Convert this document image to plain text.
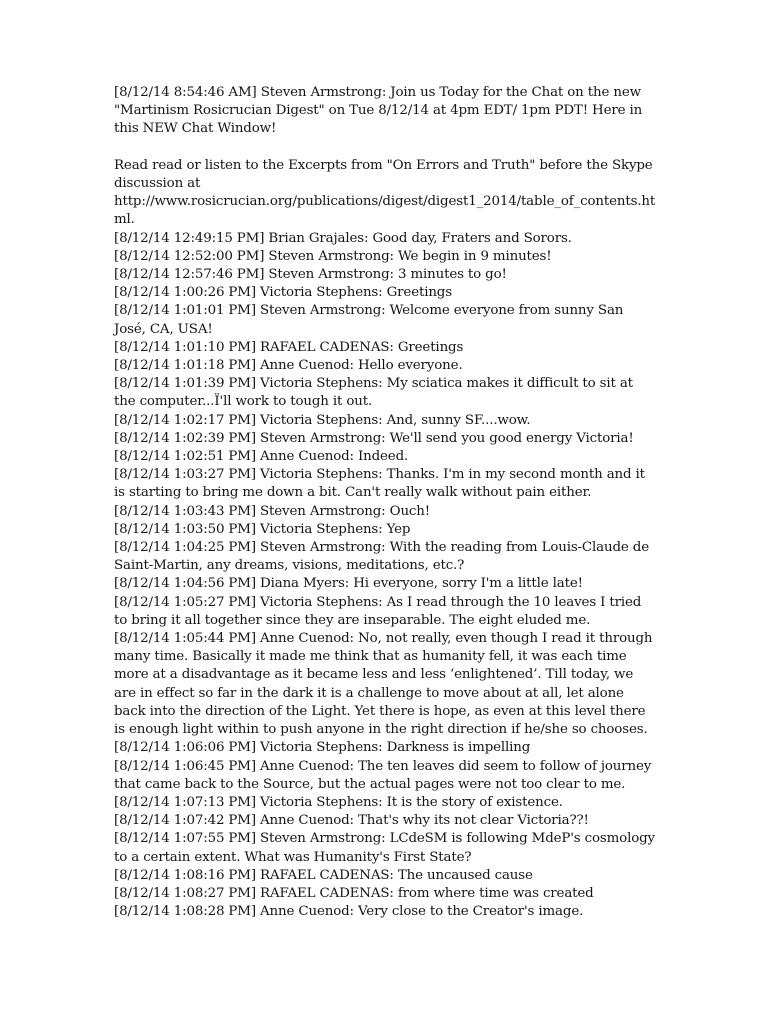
[8/12/14 8:54:46 AM] Steven Armstrong: Join us Today for the Chat on the new "Martinism Rosicrucian Digest" on Tue 8/12/14 at 4pm EDT/ 1pm PDT! Here in this NEW Chat Window!

Read read or listen to the Excerpts from "On Errors and Truth" before the Skype discussion at

http://www.rosicrucian.org/publications/digest/digest1_2014/table_of_contents.html.

[8/12/14 12:49:15 PM] Brian Grajales: Good day, Fraters and Sorors.

[8/12/14 12:52:00 PM] Steven Armstrong: We begin in 9 minutes!

[8/12/14 12:57:46 PM] Steven Armstrong: 3 minutes to go!

[8/12/14 1:00:26 PM] Victoria Stephens: Greetings

[8/12/14 1:01:01 PM] Steven Armstrong: Welcome everyone from sunny San José, CA, USA!

[8/12/14 1:01:10 PM] RAFAEL CADENAS: Greetings

[8/12/14 1:01:18 PM] Anne Cuenod: Hello everyone.

[8/12/14 1:01:39 PM] Victoria Stephens: My sciatica makes it difficult to sit at the computer...Ï'll work to tough it out.

[8/12/14 1:02:17 PM] Victoria Stephens: And, sunny SF....wow.

[8/12/14 1:02:39 PM] Steven Armstrong: We'll send you good energy Victoria!

[8/12/14 1:02:51 PM] Anne Cuenod: Indeed.

[8/12/14 1:03:27 PM] Victoria Stephens: Thanks. I'm in my second month and it is starting to bring me down a bit. Can't really walk without pain either.

[8/12/14 1:03:43 PM] Steven Armstrong: Ouch!

[8/12/14 1:03:50 PM] Victoria Stephens: Yep

[8/12/14 1:04:25 PM] Steven Armstrong: With the reading from Louis-Claude de Saint-Martin, any dreams, visions, meditations, etc.?

[8/12/14 1:04:56 PM] Diana Myers: Hi everyone, sorry I'm a little late!

[8/12/14 1:05:27 PM] Victoria Stephens: As I read through the 10 leaves I tried to bring it all together since they are inseparable. The eight eluded me.

[8/12/14 1:05:44 PM] Anne Cuenod: No, not really, even though I read it through many time. Basically it made me think that as humanity fell, it was each time more at a disadvantage as it became less and less ‘enlightened’. Till today, we are in effect so far in the dark it is a challenge to move about at all, let alone back into the direction of the Light. Yet there is hope, as even at this level there is enough light within to push anyone in the right direction if he/she so chooses.

[8/12/14 1:06:06 PM] Victoria Stephens: Darkness is impelling

[8/12/14 1:06:45 PM] Anne Cuenod: The ten leaves did seem to follow of journey that came back to the Source, but the actual pages were not too clear to me.

[8/12/14 1:07:13 PM] Victoria Stephens: It is the story of existence.

[8/12/14 1:07:42 PM] Anne Cuenod: That's why its not clear Victoria??!

[8/12/14 1:07:55 PM] Steven Armstrong: LCdeSM is following MdeP's cosmology to a certain extent. What was Humanity's First State?

[8/12/14 1:08:16 PM] RAFAEL CADENAS: The uncaused cause

[8/12/14 1:08:27 PM] RAFAEL CADENAS: from where time was created

[8/12/14 1:08:28 PM] Anne Cuenod: Very close to the Creator's image.
